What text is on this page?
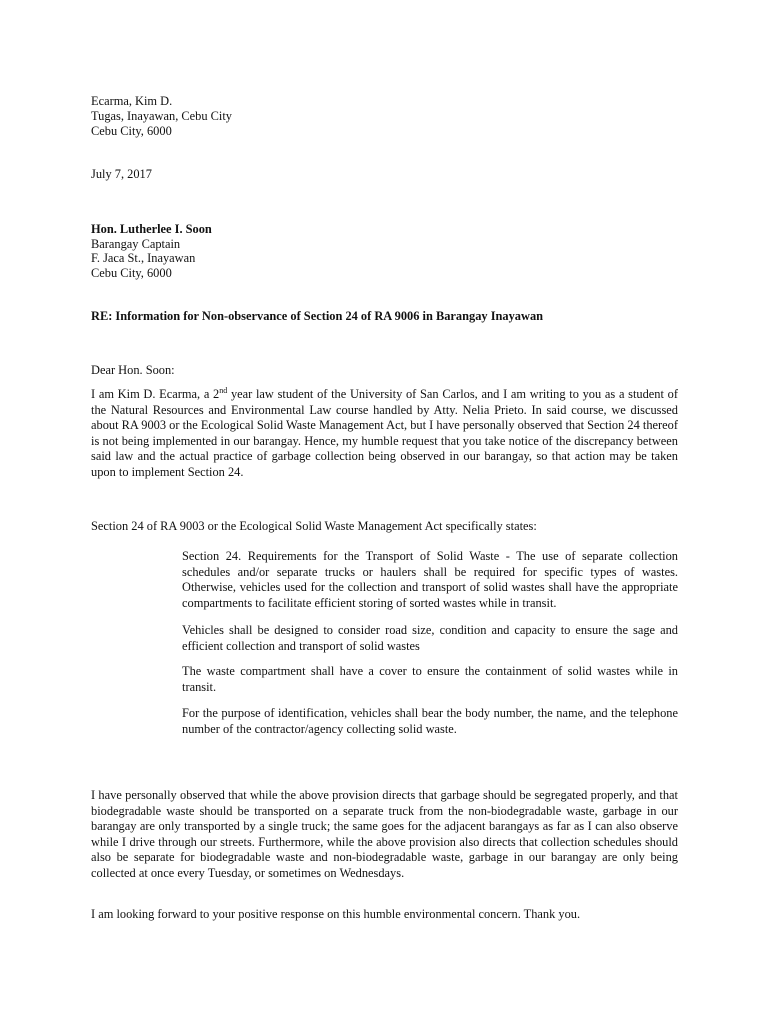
Ecarma, Kim D.
Tugas, Inayawan, Cebu City
Cebu City, 6000
July 7, 2017
Hon. Lutherlee I. Soon
Barangay Captain
F. Jaca St., Inayawan
Cebu City, 6000
RE: Information for Non-observance of Section 24 of RA 9006 in Barangay Inayawan
Dear Hon. Soon:
I am Kim D. Ecarma, a 2nd year law student of the University of San Carlos, and I am writing to you as a student of the Natural Resources and Environmental Law course handled by Atty. Nelia Prieto. In said course, we discussed about RA 9003 or the Ecological Solid Waste Management Act, but I have personally observed that Section 24 thereof is not being implemented in our barangay. Hence, my humble request that you take notice of the discrepancy between said law and the actual practice of garbage collection being observed in our barangay, so that action may be taken upon to implement Section 24.
Section 24 of RA 9003 or the Ecological Solid Waste Management Act specifically states:
Section 24. Requirements for the Transport of Solid Waste - The use of separate collection schedules and/or separate trucks or haulers shall be required for specific types of wastes. Otherwise, vehicles used for the collection and transport of solid wastes shall have the appropriate compartments to facilitate efficient storing of sorted wastes while in transit.
Vehicles shall be designed to consider road size, condition and capacity to ensure the sage and efficient collection and transport of solid wastes
The waste compartment shall have a cover to ensure the containment of solid wastes while in transit.
For the purpose of identification, vehicles shall bear the body number, the name, and the telephone number of the contractor/agency collecting solid waste.
I have personally observed that while the above provision directs that garbage should be segregated properly, and that biodegradable waste should be transported on a separate truck from the non-biodegradable waste, garbage in our barangay are only transported by a single truck; the same goes for the adjacent barangays as far as I can also observe while I drive through our streets. Furthermore, while the above provision also directs that collection schedules should also be separate for biodegradable waste and non-biodegradable waste, garbage in our barangay are only being collected at once every Tuesday, or sometimes on Wednesdays.
I am looking forward to your positive response on this humble environmental concern. Thank you.
